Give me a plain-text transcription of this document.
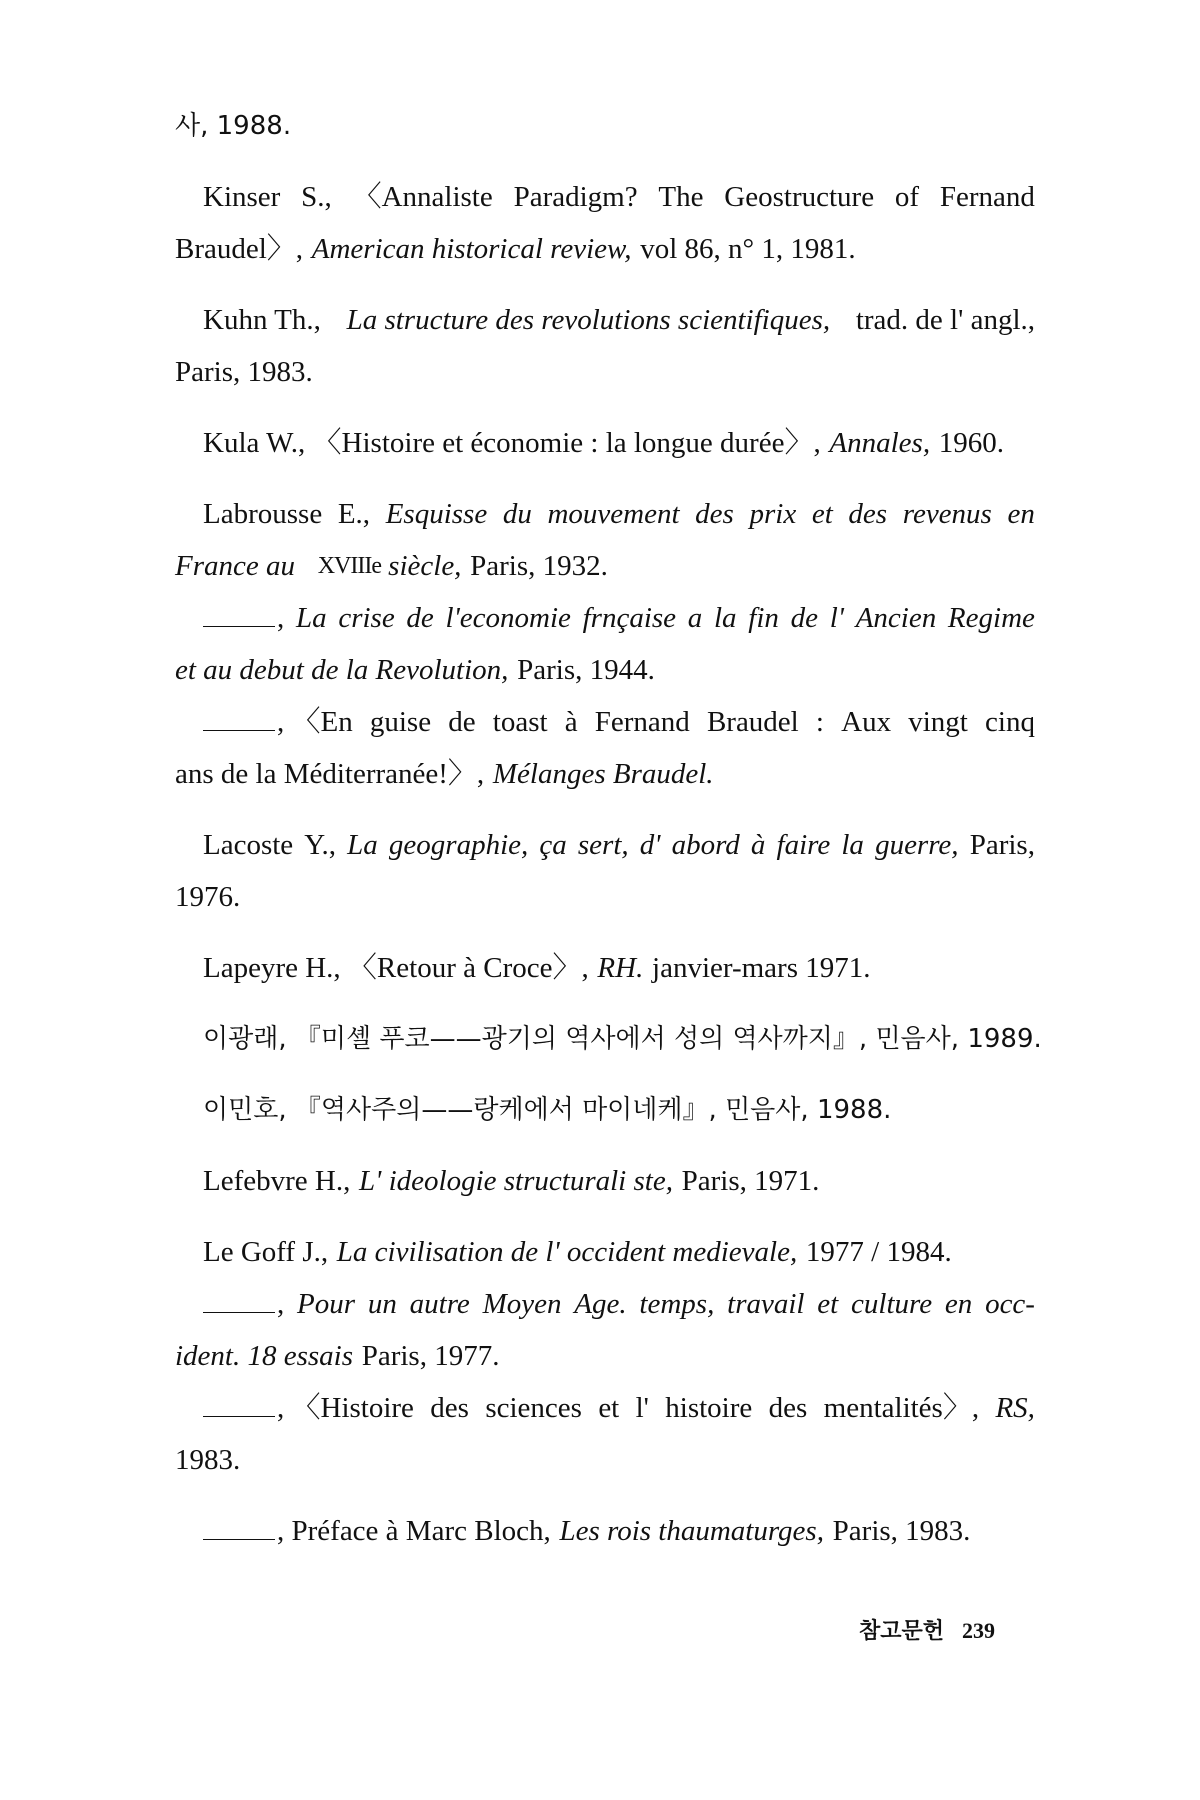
사, 1988.
Kinser S., 〈Annaliste Paradigm? The Geostructure of Fernand
Braudel〉, American historical review, vol 86, n° 1, 1981.
Kuhn Th., La structure des revolutions scientifiques, trad. de l' angl.,
Paris, 1983.
Kula W., 〈Histoire et économie : la longue durée〉, Annales, 1960.
Labrousse E., Esquisse du mouvement des prix et des revenus en
France au XVIIIe siècle, Paris, 1932.
, La crise de l'economie frnçaise a la fin de l' Ancien Regime
et au debut de la Revolution, Paris, 1944.
, 〈En guise de toast à Fernand Braudel : Aux vingt cinq
ans de la Méditerranée!〉, Mélanges Braudel.
Lacoste Y., La geographie, ça sert, d' abord à faire la guerre, Paris,
1976.
Lapeyre H., 〈Retour à Croce〉, RH. janvier-mars 1971.
이광래, 『미셸 푸코——광기의 역사에서 성의 역사까지』, 민음사, 1989.
이민호, 『역사주의——랑케에서 마이네케』, 민음사, 1988.
Lefebvre H., L' ideologie structurali ste, Paris, 1971.
Le Goff J., La civilisation de l' occident medievale, 1977 / 1984.
, Pour un autre Moyen Age. temps, travail et culture en occ-
ident. 18 essais Paris, 1977.
, 〈Histoire des sciences et l' histoire des mentalités〉, RS,
1983.
, Préface à Marc Bloch, Les rois thaumaturges, Paris, 1983.
참고문헌 239
